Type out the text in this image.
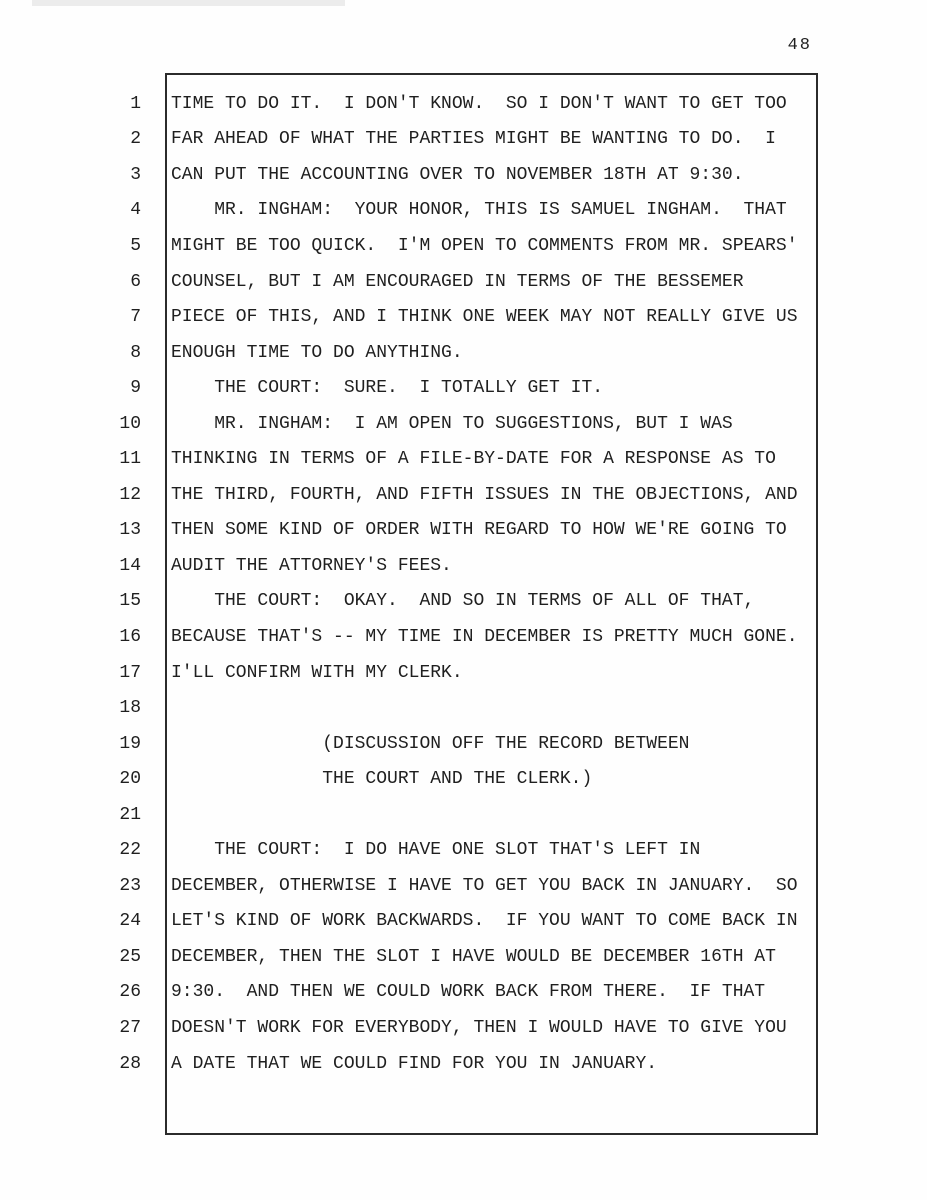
48
1	TIME TO DO IT.  I DON'T KNOW.  SO I DON'T WANT TO GET TOO
2	FAR AHEAD OF WHAT THE PARTIES MIGHT BE WANTING TO DO.  I
3	CAN PUT THE ACCOUNTING OVER TO NOVEMBER 18TH AT 9:30.
4	MR. INGHAM:  YOUR HONOR, THIS IS SAMUEL INGHAM.  THAT
5	MIGHT BE TOO QUICK.  I'M OPEN TO COMMENTS FROM MR. SPEARS'
6	COUNSEL, BUT I AM ENCOURAGED IN TERMS OF THE BESSEMER
7	PIECE OF THIS, AND I THINK ONE WEEK MAY NOT REALLY GIVE US
8	ENOUGH TIME TO DO ANYTHING.
9	THE COURT:  SURE.  I TOTALLY GET IT.
10	MR. INGHAM:  I AM OPEN TO SUGGESTIONS, BUT I WAS
11	THINKING IN TERMS OF A FILE-BY-DATE FOR A RESPONSE AS TO
12	THE THIRD, FOURTH, AND FIFTH ISSUES IN THE OBJECTIONS, AND
13	THEN SOME KIND OF ORDER WITH REGARD TO HOW WE'RE GOING TO
14	AUDIT THE ATTORNEY'S FEES.
15	THE COURT:  OKAY.  AND SO IN TERMS OF ALL OF THAT,
16	BECAUSE THAT'S -- MY TIME IN DECEMBER IS PRETTY MUCH GONE.
17	I'LL CONFIRM WITH MY CLERK.
18
19	(DISCUSSION OFF THE RECORD BETWEEN
20	THE COURT AND THE CLERK.)
21
22	THE COURT:  I DO HAVE ONE SLOT THAT'S LEFT IN
23	DECEMBER, OTHERWISE I HAVE TO GET YOU BACK IN JANUARY.  SO
24	LET'S KIND OF WORK BACKWARDS.  IF YOU WANT TO COME BACK IN
25	DECEMBER, THEN THE SLOT I HAVE WOULD BE DECEMBER 16TH AT
26	9:30.  AND THEN WE COULD WORK BACK FROM THERE.  IF THAT
27	DOESN'T WORK FOR EVERYBODY, THEN I WOULD HAVE TO GIVE YOU
28	A DATE THAT WE COULD FIND FOR YOU IN JANUARY.
